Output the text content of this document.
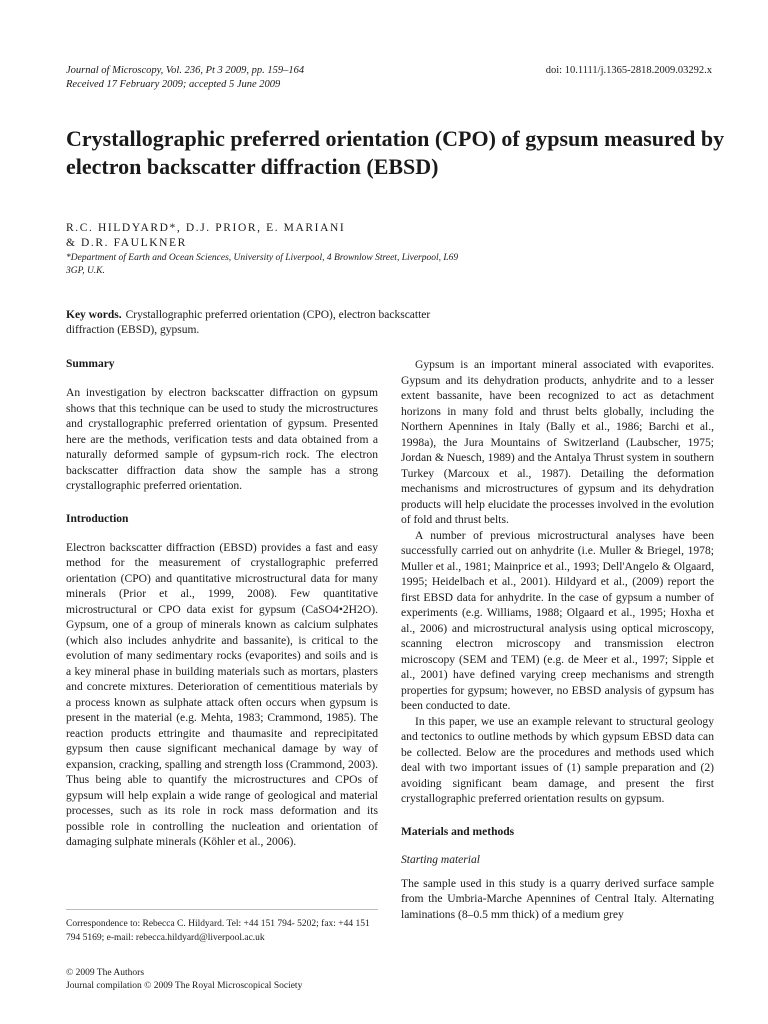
Journal of Microscopy, Vol. 236, Pt 3 2009, pp. 159–164
Received 17 February 2009; accepted 5 June 2009
doi: 10.1111/j.1365-2818.2009.03292.x
Crystallographic preferred orientation (CPO) of gypsum measured by electron backscatter diffraction (EBSD)
R.C. HILDYARD*, D.J. PRIOR, E. MARIANI
& D.R. FAULKNER
*Department of Earth and Ocean Sciences, University of Liverpool, 4 Brownlow Street, Liverpool, L69 3GP, U.K.
Key words. Crystallographic preferred orientation (CPO), electron backscatter diffraction (EBSD), gypsum.
Summary

An investigation by electron backscatter diffraction on gypsum shows that this technique can be used to study the microstructures and crystallographic preferred orientation of gypsum. Presented here are the methods, verification tests and data obtained from a naturally deformed sample of gypsum-rich rock. The electron backscatter diffraction data show the sample has a strong crystallographic preferred orientation.

Introduction

Electron backscatter diffraction (EBSD) provides a fast and easy method for the measurement of crystallographic preferred orientation (CPO) and quantitative microstructural data for many minerals (Prior et al., 1999, 2008). Few quantitative microstructural or CPO data exist for gypsum (CaSO4•2H2O). Gypsum, one of a group of minerals known as calcium sulphates (which also includes anhydrite and bassanite), is critical to the evolution of many sedimentary rocks (evaporites) and soils and is a key mineral phase in building materials such as mortars, plasters and concrete mixtures. Deterioration of cementitious materials by a process known as sulphate attack often occurs when gypsum is present in the material (e.g. Mehta, 1983; Crammond, 1985). The reaction products ettringite and thaumasite and reprecipitated gypsum then cause significant mechanical damage by way of expansion, cracking, spalling and strength loss (Crammond, 2003). Thus being able to quantify the microstructures and CPOs of gypsum will help explain a wide range of geological and material processes, such as its role in rock mass deformation and its possible role in controlling the nucleation and orientation of damaging sulphate minerals (Köhler et al., 2006).

Correspondence to: Rebecca C. Hildyard. Tel: +44 151 794- 5202; fax: +44 151 794 5169; e-mail: rebecca.hildyard@liverpool.ac.uk
© 2009 The Authors
Journal compilation © 2009 The Royal Microscopical Society

Gypsum is an important mineral associated with evaporites. Gypsum and its dehydration products, anhydrite and to a lesser extent bassanite, have been recognized to act as detachment horizons in many fold and thrust belts globally, including the Northern Apennines in Italy (Bally et al., 1986; Barchi et al., 1998a), the Jura Mountains of Switzerland (Laubscher, 1975; Jordan & Nuesch, 1989) and the Antalya Thrust system in southern Turkey (Marcoux et al., 1987). Detailing the deformation mechanisms and microstructures of gypsum and its dehydration products will help elucidate the processes involved in the evolution of fold and thrust belts.

A number of previous microstructural analyses have been successfully carried out on anhydrite (i.e. Muller & Briegel, 1978; Muller et al., 1981; Mainprice et al., 1993; Dell'Angelo & Olgaard, 1995; Heidelbach et al., 2001). Hildyard et al., (2009) report the first EBSD data for anhydrite. In the case of gypsum a number of experiments (e.g. Williams, 1988; Olgaard et al., 1995; Hoxha et al., 2006) and microstructural analysis using optical microscopy, scanning electron microscopy and transmission electron microscopy (SEM and TEM) (e.g. de Meer et al., 1997; Sipple et al., 2001) have defined varying creep mechanisms and strength properties for gypsum; however, no EBSD analysis of gypsum has been conducted to date.

In this paper, we use an example relevant to structural geology and tectonics to outline methods by which gypsum EBSD data can be collected. Below are the procedures and methods used which deal with two important issues of (1) sample preparation and (2) avoiding significant beam damage, and present the first crystallographic preferred orientation results on gypsum.

Materials and methods
Starting material

The sample used in this study is a quarry derived surface sample from the Umbria-Marche Apennines of Central Italy. Alternating laminations (8–0.5 mm thick) of a medium grey
